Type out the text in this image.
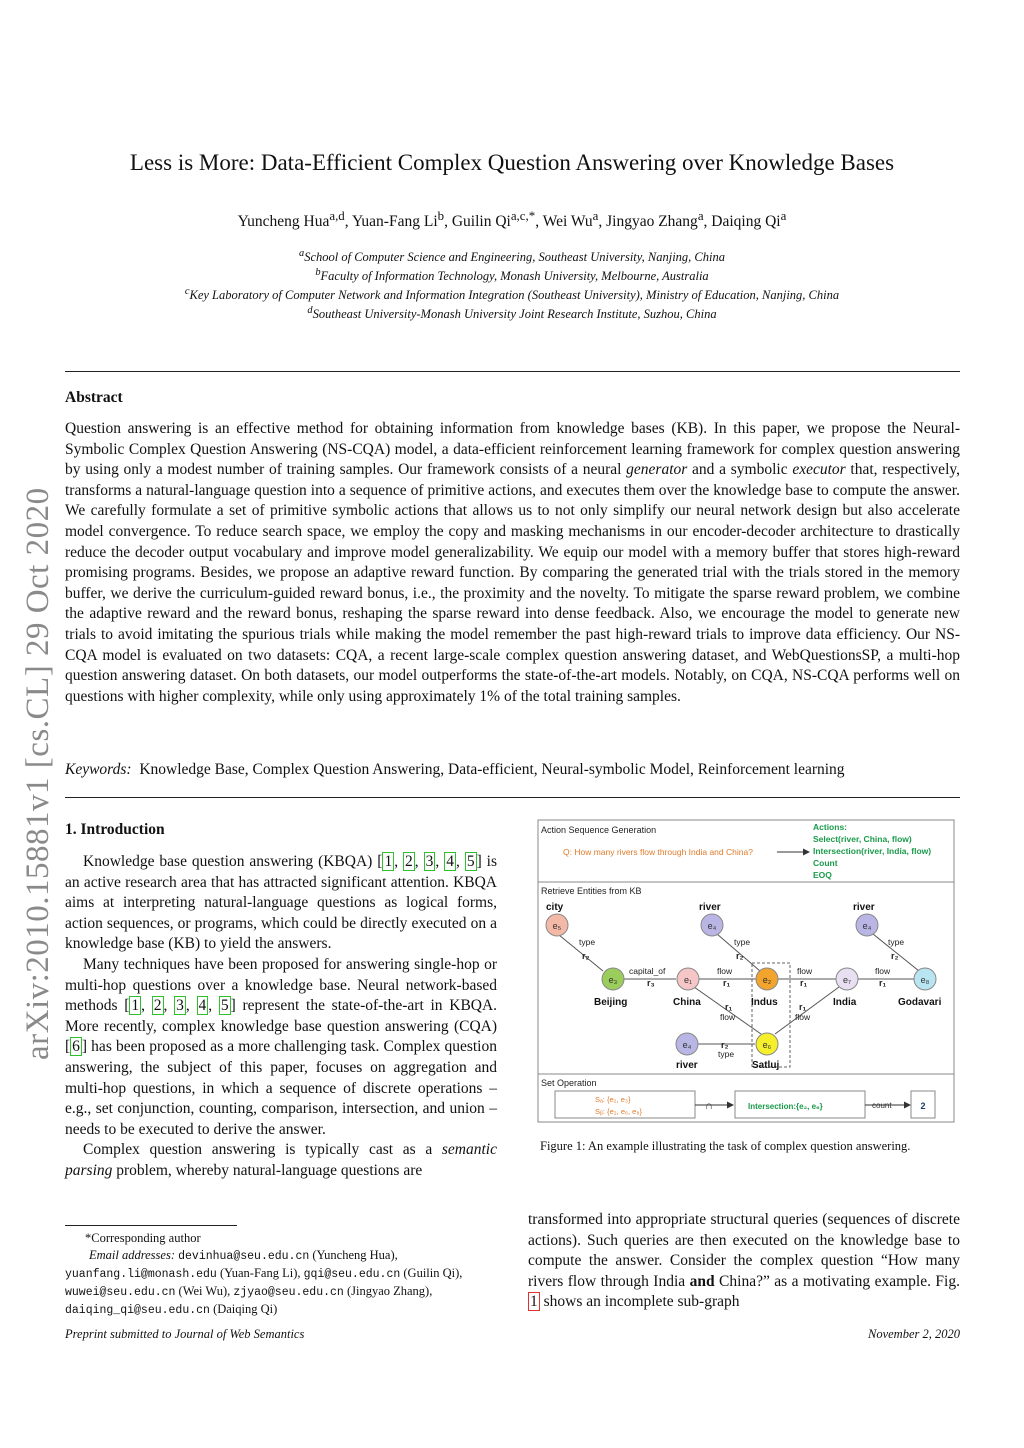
arXiv:2010.15881v1 [cs.CL] 29 Oct 2020
Less is More: Data-Efficient Complex Question Answering over Knowledge Bases
Yuncheng Hua$^{a,d}$, Yuan-Fang Li$^b$, Guilin $Qi^{a,c,*}$, Wei Wu$^a$, Jingyao Zhang$^a$, Daiqing Qi$^a$
$^a$School of Computer Science and Engineering, Southeast University, Nanjing, China
$^b$Faculty of Information Technology, Monash University, Melbourne, Australia
$^c$Key Laboratory of Computer Network and Information Integration (Southeast University), Ministry of Education, Nanjing, China
$^d$Southeast University-Monash University Joint Research Institute, Suzhou, China
Abstract
Question answering is an effective method for obtaining information from knowledge bases (KB). In this paper, we propose the Neural-Symbolic Complex Question Answering (NS-CQA) model, a data-efficient reinforcement learning framework for complex question answering by using only a modest number of training samples. Our framework consists of a neural generator and a symbolic executor that, respectively, transforms a natural-language question into a sequence of primitive actions, and executes them over the knowledge base to compute the answer. We carefully formulate a set of primitive symbolic actions that allows us to not only simplify our neural network design but also accelerate model convergence. To reduce search space, we employ the copy and masking mechanisms in our encoder-decoder architecture to drastically reduce the decoder output vocabulary and improve model generalizability. We equip our model with a memory buffer that stores high-reward promising programs. Besides, we propose an adaptive reward function. By comparing the generated trial with the trials stored in the memory buffer, we derive the curriculum-guided reward bonus, i.e., the proximity and the novelty. To mitigate the sparse reward problem, we combine the adaptive reward and the reward bonus, reshaping the sparse reward into dense feedback. Also, we encourage the model to generate new trials to avoid imitating the spurious trials while making the model remember the past high-reward trials to improve data efficiency. Our NS-CQA model is evaluated on two datasets: CQA, a recent large-scale complex question answering dataset, and WebQuestionsSP, a multi-hop question answering dataset. On both datasets, our model outperforms the state-of-the-art models. Notably, on CQA, NS-CQA performs well on questions with higher complexity, while only using approximately 1% of the total training samples.
Keywords: Knowledge Base, Complex Question Answering, Data-efficient, Neural-symbolic Model, Reinforcement learning
1. Introduction

Knowledge base question answering (KBQA) [ 1 , 2 , 3 , 4 , 5 ] is an active research area that has attracted significant attention. KBQA aims at interpreting natural-language questions as logical forms, action sequences, or programs, which could be directly executed on a knowledge base (KB) to yield the answers.

Many techniques have been proposed for answering single-hop or multi-hop questions over a knowledge base. Neural network-based methods [ 1 , 2 , 3 , 4 , 5 ] represent the state-of-the-art in KBQA. More recently, complex knowledge base question answering (CQA) [ 6 ] has been proposed as a more challenging task. Complex question answering, the subject of this paper, focuses on aggregation and multi-hop questions, in which a sequence of discrete operations – e.g., set conjunction, counting, comparison, intersection, and union – needs to be executed to derive the answer.

Complex question answering is typically cast as a semantic parsing problem, whereby natural-language questions are

Action Sequence Generation
Q: How many rivers flow through India and China?
Actions:
Select(river, China, flow)
Intersection(river, India, flow)
Count
EOQ
Retrieve Entities from KB
type
r₂
capital_of
r₃
flow
r₁
flow
r₁
flow
r₁
type
r₂
type
r₂
r₁
flow
r₁
flow
r₂
type
city	river	river
Beijing	China	Indus	India	Godavari
river	Satluj
e₅	e₄	e₄
e₃	e₁	e₂	e₇	e₈
e₄	e₆
Set Operation
Sₐ: {e₂, e₃}
Sᵦ: {e₂, e₆, e₈}	∩	Intersection:{e₂, e₆}	count	2
Figure 1: An example illustrating the task of complex question answering.

transformed into appropriate structural queries (sequences of discrete actions). Such queries are then executed on the knowledge base to compute the answer. Consider the complex question “How many rivers flow through India and China?” as a motivating example. Fig. 1 shows an incomplete sub-graph

*Corresponding author
Email addresses: devinhua@seu.edu.cn (Yuncheng Hua),
yuanfang.li@monash.edu (Yuan-Fang Li), gqi@seu.edu.cn (Guilin Qi),
wuwei@seu.edu.cn (Wei Wu), zjyao@seu.edu.cn (Jingyao Zhang),
daiqing_qi@seu.edu.cn (Daiqing Qi)
Preprint submitted to Journal of Web Semantics	November 2, 2020
